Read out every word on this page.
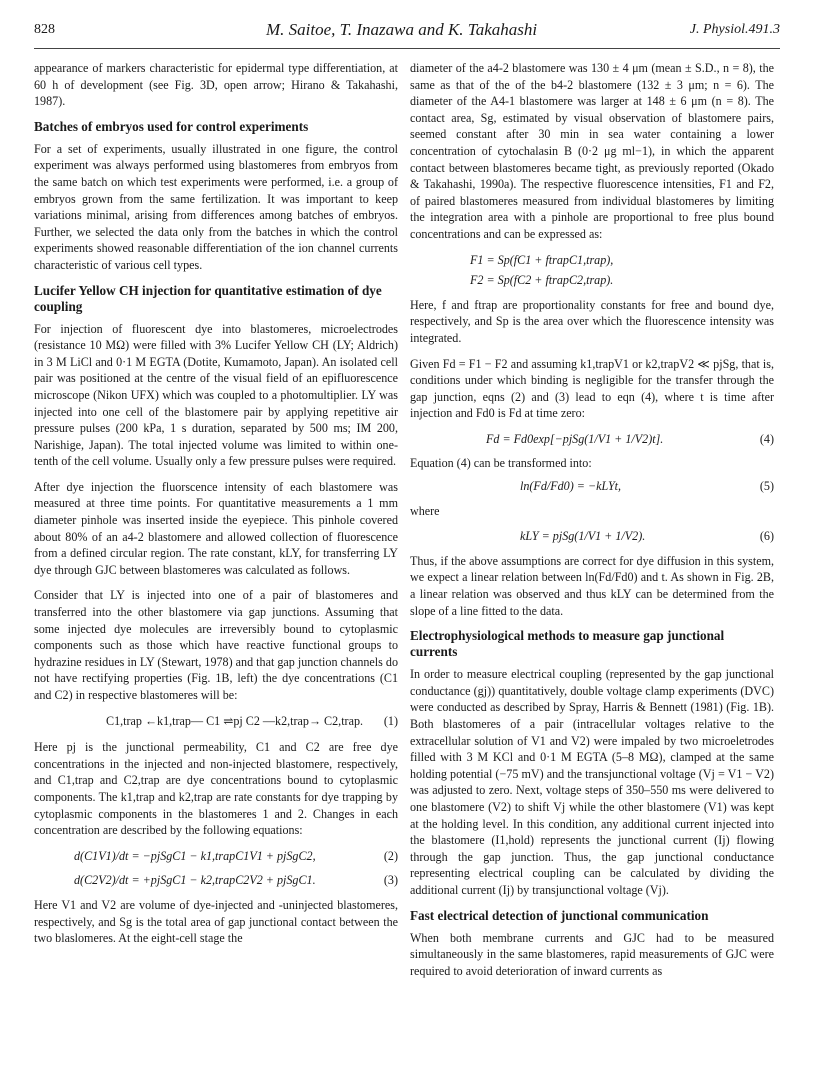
828	M. Saitoe, T. Inazawa and K. Takahashi	J. Physiol.491.3

appearance of markers characteristic for epidermal type differentiation, at 60 h of development (see Fig. 3D, open arrow; Hirano & Takahashi, 1987).

Batches of embryos used for control experiments

For a set of experiments, usually illustrated in one figure, the control experiment was always performed using blastomeres from embryos from the same batch on which test experiments were performed, i.e. a group of embryos grown from the same fertilization. It was important to keep variations minimal, arising from differences among batches of embryos. Further, we selected the data only from the batches in which the control experiments showed reasonable differentiation of the ion channel currents characteristic of various cell types.

Lucifer Yellow CH injection for quantitative estimation of dye coupling

For injection of fluorescent dye into blastomeres, microelectrodes (resistance 10 MΩ) were filled with 3% Lucifer Yellow CH (LY; Aldrich) in 3 M LiCl and 0·1 M EGTA (Dotite, Kumamoto, Japan). An isolated cell pair was positioned at the centre of the visual field of an epifluorescence microscope (Nikon UFX) which was coupled to a photomultiplier. LY was injected into one cell of the blastomere pair by applying repetitive air pressure pulses (200 kPa, 1 s duration, separated by 500 ms; IM 200, Narishige, Japan). The total injected volume was limited to within one-tenth of the cell volume. Usually only a few pressure pulses were required.

After dye injection the fluorscence intensity of each blastomere was measured at three time points. For quantitative measurements a 1 mm diameter pinhole was inserted inside the eyepiece. This pinhole covered about 80% of an a4-2 blastomere and allowed collection of fluorescence from a defined circular region. The rate constant, kLY, for transferring LY dye through GJC between blastomeres was calculated as follows.

Consider that LY is injected into one of a pair of blastomeres and transferred into the other blastomere via gap junctions. Assuming that some injected dye molecules are irreversibly bound to cytoplasmic components such as those which have reactive functional groups to hydrazine residues in LY (Stewart, 1978) and that gap junction channels do not have rectifying properties (Fig. 1B, left) the dye concentrations (C1 and C2) in respective blastomeres will be:

C1,trap ←k1,trap— C1 ⇌pj C2 —k2,trap→ C2,trap. (1)

Here pj is the junctional permeability, C1 and C2 are free dye concentrations in the injected and non-injected blastomere, respectively, and C1,trap and C2,trap are dye concentrations bound to cytoplasmic components. The k1,trap and k2,trap are rate constants for dye trapping by cytoplasmic components in the blastomeres 1 and 2. Changes in each concentration are described by the following equations:

d(C1V1)/dt = −pjSgC1 − k1,trapC1V1 + pjSgC2,	(2)
d(C2V2)/dt = +pjSgC1 − k2,trapC2V2 + pjSgC1.	(3)

Here V1 and V2 are volume of dye-injected and -uninjected blastomeres, respectively, and Sg is the total area of gap junctional contact between the two blaslomeres. At the eight-cell stage the

diameter of the a4-2 blastomere was 130 ± 4 μm (mean ± S.D., n = 8), the same as that of the of the b4-2 blastomere (132 ± 3 μm; n = 6). The diameter of the A4-1 blastomere was larger at 148 ± 6 μm (n = 8). The contact area, Sg, estimated by visual observation of blastomere pairs, seemed constant after 30 min in sea water containing a lower concentration of cytochalasin B (0·2 μg ml−1), in which the apparent contact between blastomeres became tight, as previously reported (Okado & Takahashi, 1990a). The respective fluorescence intensities, F1 and F2, of paired blastomeres measured from individual blastomeres by limiting the integration area with a pinhole are proportional to free plus bound concentrations and can be expressed as:

F1 = Sp(fC1 + ftrapC1,trap),
F2 = Sp(fC2 + ftrapC2,trap).

Here, f and ftrap are proportionality constants for free and bound dye, respectively, and Sp is the area over which the fluorescence intensity was integrated.

Given Fd = F1 − F2 and assuming k1,trapV1 or k2,trapV2 ≪ pjSg, that is, conditions under which binding is negligible for the transfer through the gap junction, eqns (2) and (3) lead to eqn (4), where t is time after injection and Fd0 is Fd at time zero:

Fd = Fd0exp[−pjSg(1/V1 + 1/V2)t].	(4)

Equation (4) can be transformed into:

ln(Fd/Fd0) = −kLYt,	(5)

where

kLY = pjSg(1/V1 + 1/V2).	(6)

Thus, if the above assumptions are correct for dye diffusion in this system, we expect a linear relation between ln(Fd/Fd0) and t. As shown in Fig. 2B, a linear relation was observed and thus kLY can be determined from the slope of a line fitted to the data.

Electrophysiological methods to measure gap junctional currents

In order to measure electrical coupling (represented by the gap junctional conductance (gj)) quantitatively, double voltage clamp experiments (DVC) were conducted as described by Spray, Harris & Bennett (1981) (Fig. 1B). Both blastomeres of a pair (intracellular voltages relative to the extracellular solution of V1 and V2) were impaled by two microeletrodes filled with 3 M KCl and 0·1 M EGTA (5–8 MΩ), clamped at the same holding potential (−75 mV) and the transjunctional voltage (Vj = V1 − V2) was adjusted to zero. Next, voltage steps of 350–550 ms were delivered to one blastomere (V2) to shift Vj while the other blastomere (V1) was kept at the holding level. In this condition, any additional current injected into the blastomere (I1,hold) represents the junctional current (Ij) flowing through the gap junction. Thus, the gap junctional conductance representing electrical coupling can be calculated by dividing the additional current (Ij) by transjunctional voltage (Vj).

Fast electrical detection of junctional communication

When both membrane currents and GJC had to be measured simultaneously in the same blastomeres, rapid measurements of GJC were required to avoid deterioration of inward currents as
